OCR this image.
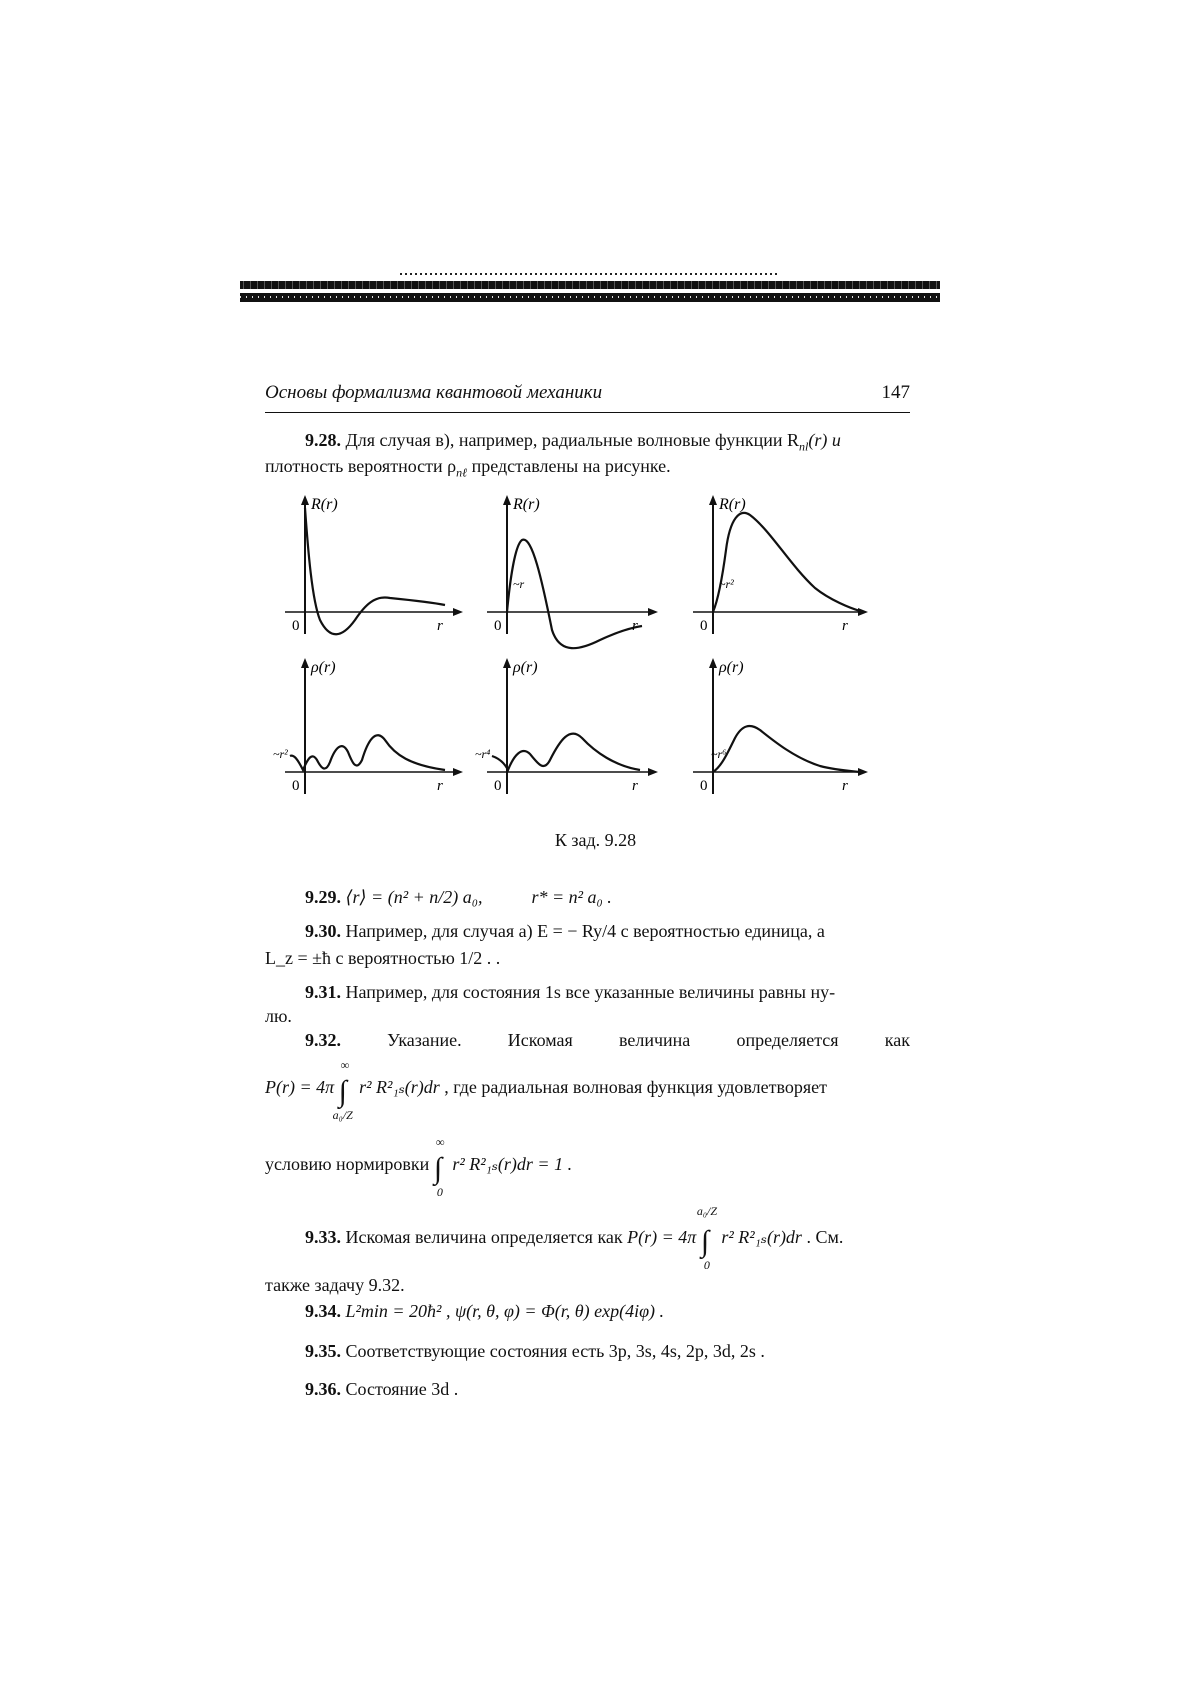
Основы формализма квантовой механики	147
9.28. Для случая в), например, радиальные волновые функции $R_{nl}(r)$ и
плотность вероятности $\rho_{n\ell}$ представлены на рисунке.
R(r)
0	r
R(r)
0	r
~r
R(r)
0	r
~r²
ρ(r)
0	r
~r²
ρ(r)
0	r
~r⁴
ρ(r)
0	r
~r⁶
К зад. 9.28
9.29. ⟨r⟩ = (n² + n/2) a₀,	r* = n² a₀ .
9.30. Например, для случая а) E = − Ry/4 с вероятностью единица, а
L_z = ±ħ с вероятностью 1/2 . .
9.31. Например, для состояния 1s все указанные величины равны ну-
лю.
9.32.	Указание.	Искомая	величина	определяется	как
P(r) = 4π ∫
∞
a₀/Z
r² R²₁ₛ(r)dr , где радиальная волновая функция удовлетворяет
условию нормировки ∫
∞
0
r² R²₁ₛ(r)dr = 1 .
9.33. Искомая величина определяется как P(r) = 4π ∫
a₀/Z
0
r² R²₁ₛ(r)dr . См.
также задачу 9.32.
9.34. L²min = 20ħ² , ψ(r, θ, φ) = Φ(r, θ) exp(4iφ) .
9.35. Соответствующие состояния есть 3p, 3s, 4s, 2p, 3d, 2s .
9.36. Состояние 3d .
